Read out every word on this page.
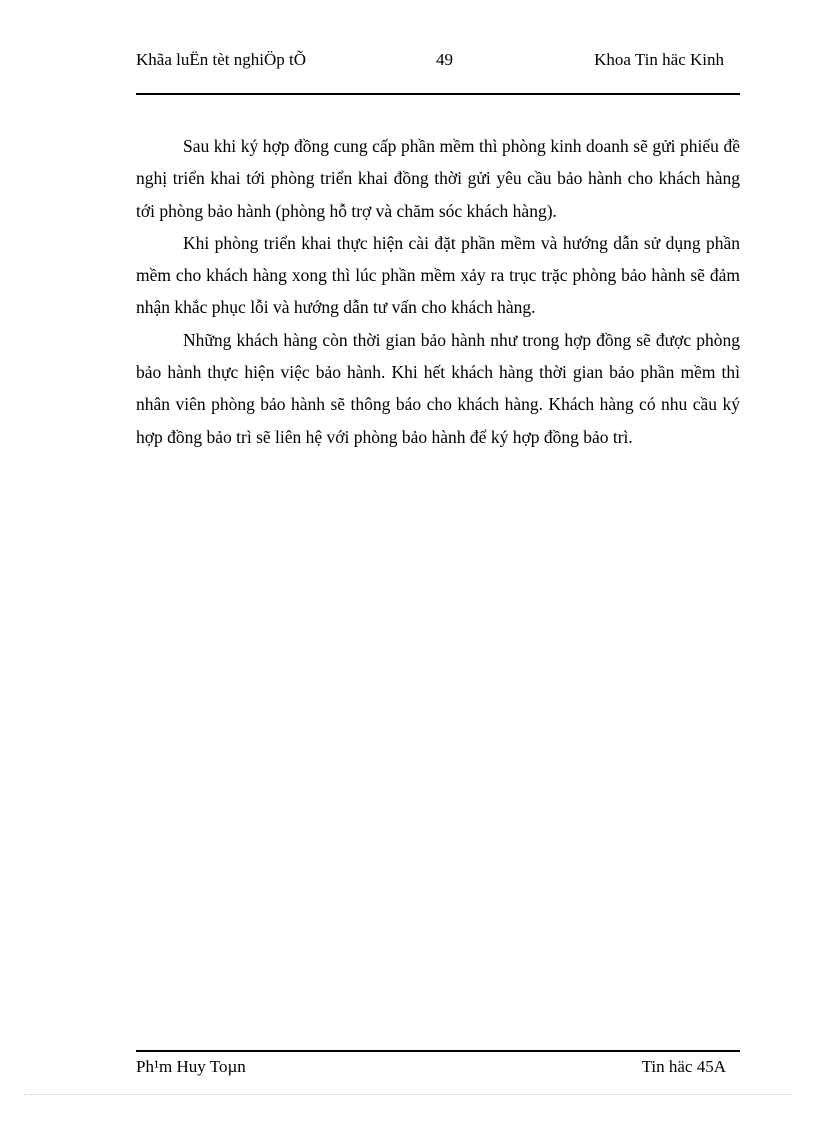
Khãa luËn tèt nghiÖp tÕ	49	Khoa Tin häc Kinh

Sau khi ký hợp đồng cung cấp phần mềm thì phòng kinh doanh sẽ gửi phiếu đề nghị triển khai tới phòng triển khai đồng thời gửi yêu cầu bảo hành cho khách hàng tới phòng bảo hành (phòng hỗ trợ và chăm sóc khách hàng).

Khi phòng triển khai thực hiện cài đặt phần mềm và hướng dẫn sử dụng phần mềm cho khách hàng xong thì lúc phần mềm xảy ra trục trặc phòng bảo hành sẽ đảm nhận khắc phục lỗi và hướng dẫn tư vấn cho khách hàng.

Những khách hàng còn thời gian bảo hành như trong hợp đồng sẽ được phòng bảo hành thực hiện việc bảo hành. Khi hết khách hàng thời gian bảo phần mềm thì nhân viên phòng bảo hành sẽ thông báo cho khách hàng. Khách hàng có nhu cầu ký hợp đồng bảo trì sẽ liên hệ với phòng bảo hành để ký hợp đồng bảo trì.

Ph¹m Huy Toµn	Tin häc 45A
